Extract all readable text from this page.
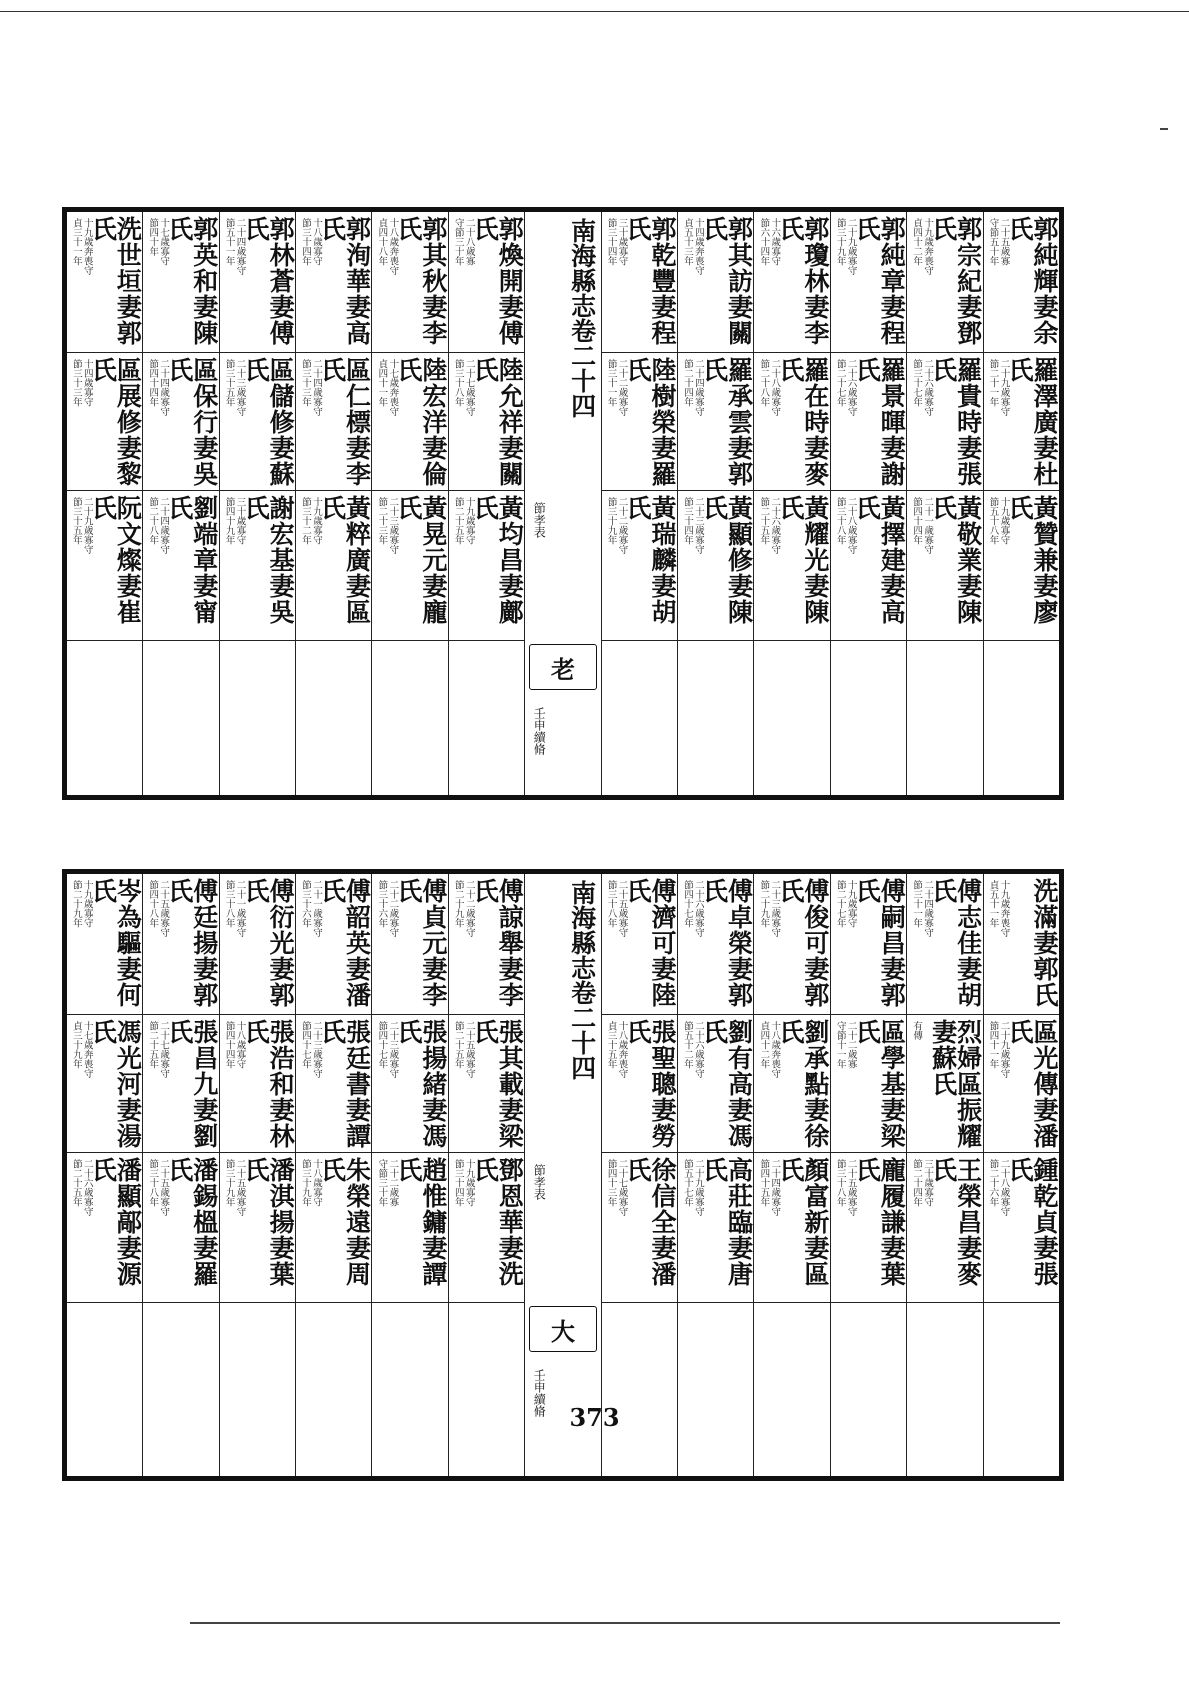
郭純輝妻余氏
二十五歲寡
守節五十年
羅澤廣妻杜氏
二十九歲寡守
節二十一年
黃贊兼妻廖氏
十九歲寡守
節五十八年
郭宗紀妻鄧氏
十九歲奔喪守
貞四十二年
羅貴時妻張氏
二十六歲寡守
節三十七年
黃敬業妻陳氏
二十一歲寡守
節四十四年
郭純章妻程氏
二十九歲寡守
節三十九年
羅景暉妻謝氏
二十六歲寡守
節二十七年
黃擇建妻高氏
二十八歲寡守
節三十八年
郭瓊林妻李氏
十六歲寡守
節六十四年
羅在時妻麥氏
二十八歲寡守
節二十八年
黃耀光妻陳氏
二十六歲寡守
節二十五年
郭其訪妻關氏
十四歲奔喪守
貞五十三年
羅承雲妻郭氏
二十四歲寡守
節二十四年
黃顯修妻陳氏
二十三歲寡守
節三十四年
郭乾豐妻程氏
三十歲寡守
節三十四年
陸樹榮妻羅氏
二十二歲寡守
節三十一年
黃瑞麟妻胡氏
二十二歲寡守
節三十九年
南海縣志卷二十四
節孝表
老
壬申續脩
郭煥開妻傅氏
二十八歲寡
守節三十年
陸允祥妻關氏
二十七歲寡守
節三十八年
黃均昌妻鄺氏
十九歲寡守
節二十五年
郭其秋妻李氏
十八歲奔喪守
貞四十八年
陸宏洋妻倫氏
十七歲奔喪守
貞四十一年
黃晃元妻龐氏
二十三歲寡守
節二十三年
郭洵華妻高氏
十八歲寡守
節三十四年
區仁標妻李氏
二十四歲寡守
節三十三年
黃粹廣妻區氏
十九歲寡守
節三十二年
郭林蒼妻傅氏
二十四歲寡守
節五十一年
區儲修妻蘇氏
二十三歲寡守
節三十五年
謝宏基妻吳氏
三十歲寡守
節四十九年
郭英和妻陳氏
十七歲寡守
節四十年
區保行妻吳氏
二十四歲寡守
節四十四年
劉端章妻甯氏
二十四歲寡守
節二十八年
洗世垣妻郭氏
十九歲奔喪守
貞三十一年
區展修妻黎氏
十四歲寡守
節三十三年
阮文燦妻崔氏
二十九歲寡守
節三十五年
洗滿妻郭氏
十九歲奔喪守
貞五十一年
區光傳妻潘氏
二十九歲寡守
節四十一年
鍾乾貞妻張氏
二十八歲寡守
節二十六年
傅志佳妻胡氏
二十四歲寡守
節三十一年
烈婦區振耀妻蘇氏
有傳
王榮昌妻麥氏
三十歲寡守
節二十四年
傅嗣昌妻郭氏
十九歲寡守
節二十七年
區學基妻梁氏
二十二歲寡
守節十一年
龐履謙妻葉氏
二十五歲寡守
節三十八年
傅俊可妻郭氏
二十三歲寡守
節二十九年
劉承點妻徐氏
十八歲奔喪守
貞四十二年
顏富新妻區氏
二十四歲寡守
節四十五年
傅卓榮妻郭氏
二十六歲寡守
節四十七年
劉有高妻馮氏
二十六歲寡守
節五十二年
高莊臨妻唐氏
二十九歲寡守
節五十七年
傅濟可妻陸氏
二十五歲寡守
節三十八年
張聖聰妻勞氏
十八歲奔喪守
貞三十五年
徐信全妻潘氏
二十七歲寡守
節四十三年
南海縣志卷二十四
節孝表
大
壬申續脩
傅諒舉妻李氏
二十二歲寡守
節二十九年
張其載妻梁氏
二十五歲寡守
節二十五年
鄧恩華妻洗氏
十九歲寡守
節三十四年
傅貞元妻李氏
二十二歲寡守
節三十六年
張揚緒妻馮氏
二十三歲寡守
節四十七年
趙惟鏞妻譚氏
二十二歲寡
守節三十年
傅韶英妻潘氏
二十一歲寡守
節三十六年
張廷書妻譚氏
二十三歲寡守
節四十七年
朱榮遠妻周氏
十八歲寡守
節三十九年
傅衍光妻郭氏
二十一歲寡守
節三十八年
張浩和妻林氏
十八歲寡守
節四十四年
潘淇揚妻葉氏
二十五歲寡守
節三十九年
傅廷揚妻郭氏
二十五歲寡守
節四十八年
張昌九妻劉氏
二十七歲寡守
節二十五年
潘錫榲妻羅氏
二十五歲寡守
節三十八年
岑為驅妻何氏
十九歲寡守
節二十九年
馮光河妻湯氏
十七歲奔喪守
貞三十九年
潘顯鄗妻源氏
二十六歲寡守
節二十五年
373
